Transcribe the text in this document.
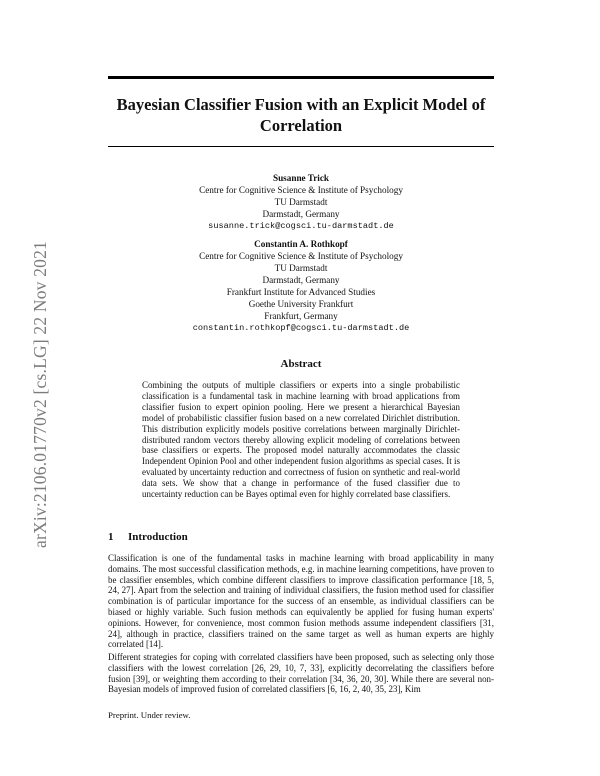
Bayesian Classifier Fusion with an Explicit Model of Correlation
arXiv:2106.01770v2 [cs.LG] 22 Nov 2021
Susanne Trick
Centre for Cognitive Science & Institute of Psychology
TU Darmstadt
Darmstadt, Germany
susanne.trick@cogsci.tu-darmstadt.de
Constantin A. Rothkopf
Centre for Cognitive Science & Institute of Psychology
TU Darmstadt
Darmstadt, Germany
Frankfurt Institute for Advanced Studies
Goethe University Frankfurt
Frankfurt, Germany
constantin.rothkopf@cogsci.tu-darmstadt.de
Abstract

Combining the outputs of multiple classifiers or experts into a single probabilistic classification is a fundamental task in machine learning with broad applications from classifier fusion to expert opinion pooling. Here we present a hierarchical Bayesian model of probabilistic classifier fusion based on a new correlated Dirichlet distribution. This distribution explicitly models positive correlations between marginally Dirichlet-distributed random vectors thereby allowing explicit modeling of correlations between base classifiers or experts. The proposed model naturally accommodates the classic Independent Opinion Pool and other independent fusion algorithms as special cases. It is evaluated by uncertainty reduction and correctness of fusion on synthetic and real-world data sets. We show that a change in performance of the fused classifier due to uncertainty reduction can be Bayes optimal even for highly correlated base classifiers.

1 Introduction

Classification is one of the fundamental tasks in machine learning with broad applicability in many domains. The most successful classification methods, e.g. in machine learning competitions, have proven to be classifier ensembles, which combine different classifiers to improve classification performance [18, 5, 24, 27]. Apart from the selection and training of individual classifiers, the fusion method used for classifier combination is of particular importance for the success of an ensemble, as individual classifiers can be biased or highly variable. Such fusion methods can equivalently be applied for fusing human experts' opinions. However, for convenience, most common fusion methods assume independent classifiers [31, 24], although in practice, classifiers trained on the same target as well as human experts are highly correlated [14].

Different strategies for coping with correlated classifiers have been proposed, such as selecting only those classifiers with the lowest correlation [26, 29, 10, 7, 33], explicitly decorrelating the classifiers before fusion [39], or weighting them according to their correlation [34, 36, 20, 30]. While there are several non-Bayesian models of improved fusion of correlated classifiers [6, 16, 2, 40, 35, 23], Kim

Preprint. Under review.
